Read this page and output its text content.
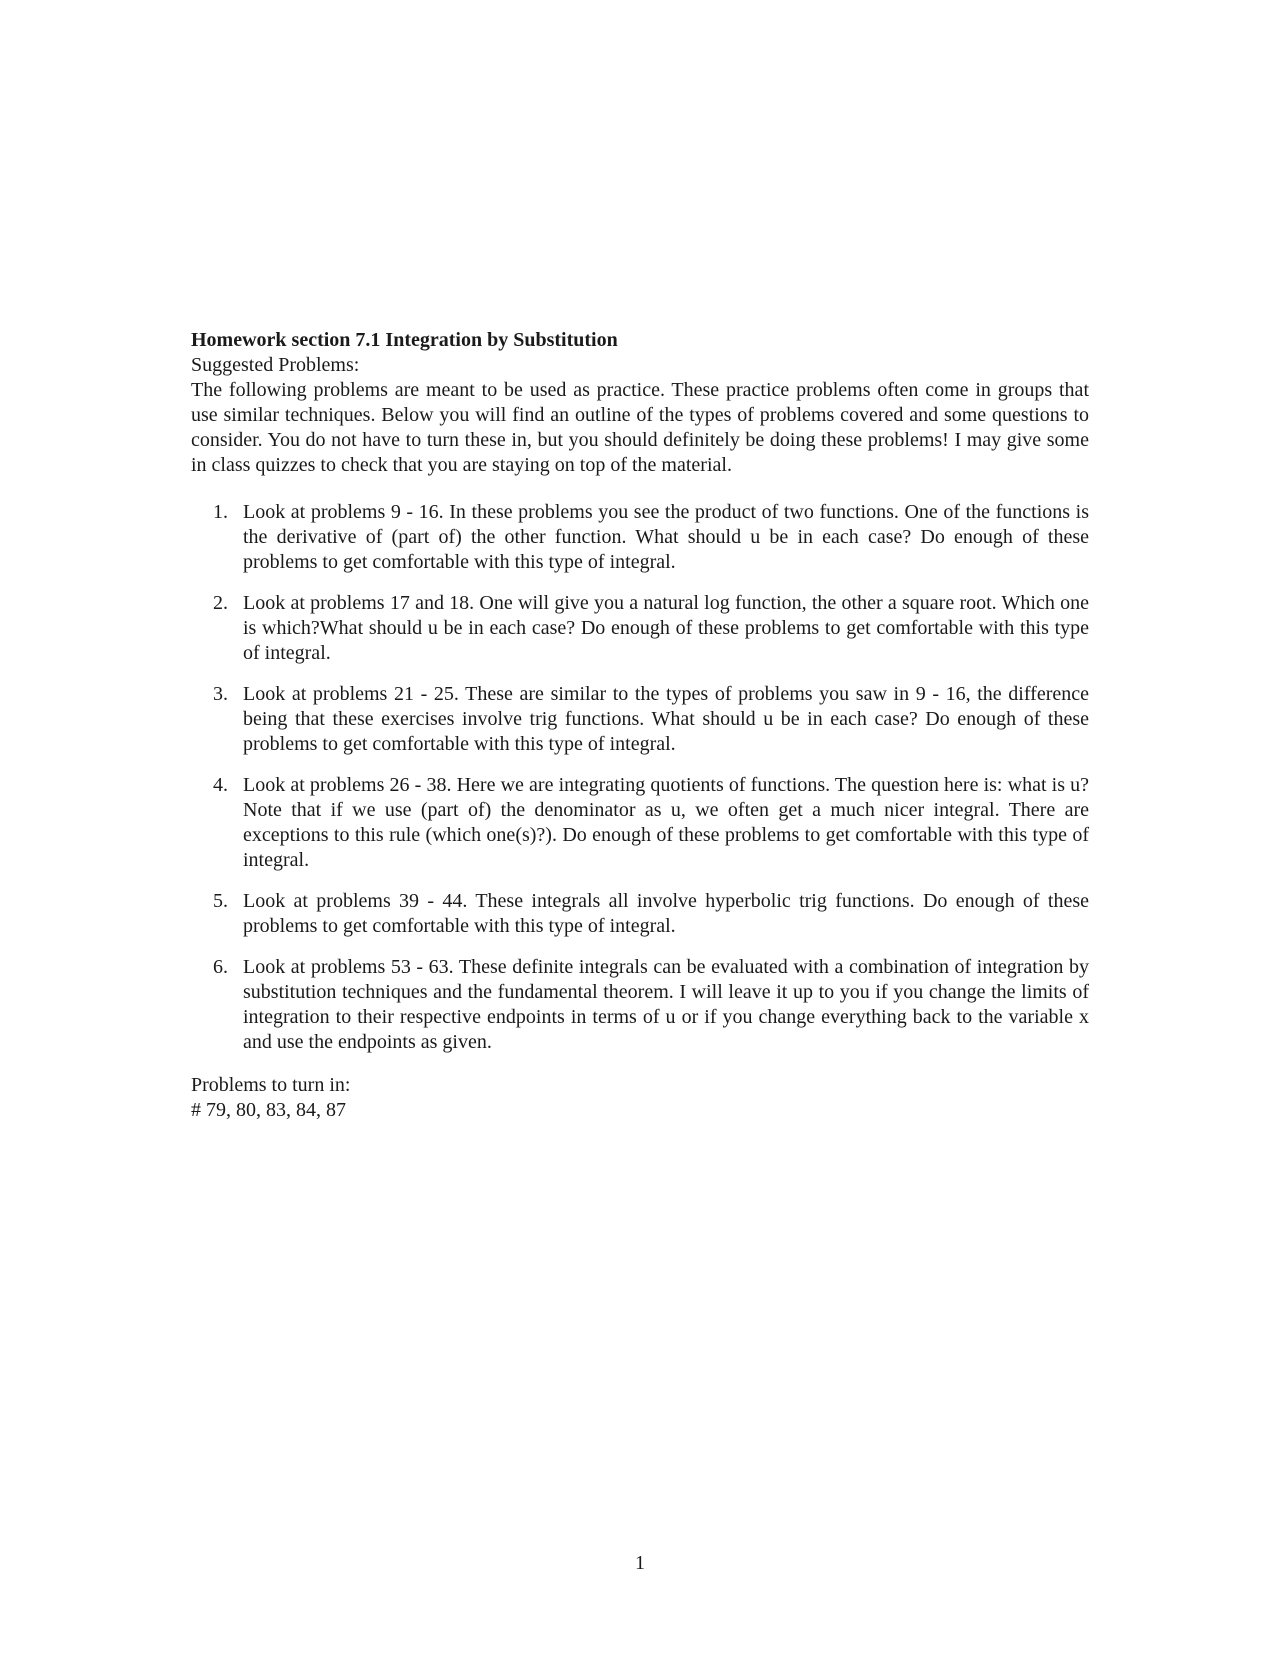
Homework section 7.1 Integration by Substitution

Suggested Problems:

The following problems are meant to be used as practice. These practice problems often come in groups that use similar techniques. Below you will find an outline of the types of problems covered and some questions to consider. You do not have to turn these in, but you should definitely be doing these problems! I may give some in class quizzes to check that you are staying on top of the material.

1. Look at problems 9 - 16. In these problems you see the product of two functions. One of the functions is the derivative of (part of) the other function. What should u be in each case? Do enough of these problems to get comfortable with this type of integral.
2. Look at problems 17 and 18. One will give you a natural log function, the other a square root. Which one is which?What should u be in each case? Do enough of these problems to get comfortable with this type of integral.
3. Look at problems 21 - 25. These are similar to the types of problems you saw in 9 - 16, the difference being that these exercises involve trig functions. What should u be in each case? Do enough of these problems to get comfortable with this type of integral.
4. Look at problems 26 - 38. Here we are integrating quotients of functions. The question here is: what is u? Note that if we use (part of) the denominator as u, we often get a much nicer integral. There are exceptions to this rule (which one(s)?). Do enough of these problems to get comfortable with this type of integral.
5. Look at problems 39 - 44. These integrals all involve hyperbolic trig functions. Do enough of these problems to get comfortable with this type of integral.
6. Look at problems 53 - 63. These definite integrals can be evaluated with a combination of integration by substitution techniques and the fundamental theorem. I will leave it up to you if you change the limits of integration to their respective endpoints in terms of u or if you change everything back to the variable x and use the endpoints as given.

Problems to turn in:

# 79, 80, 83, 84, 87

1
